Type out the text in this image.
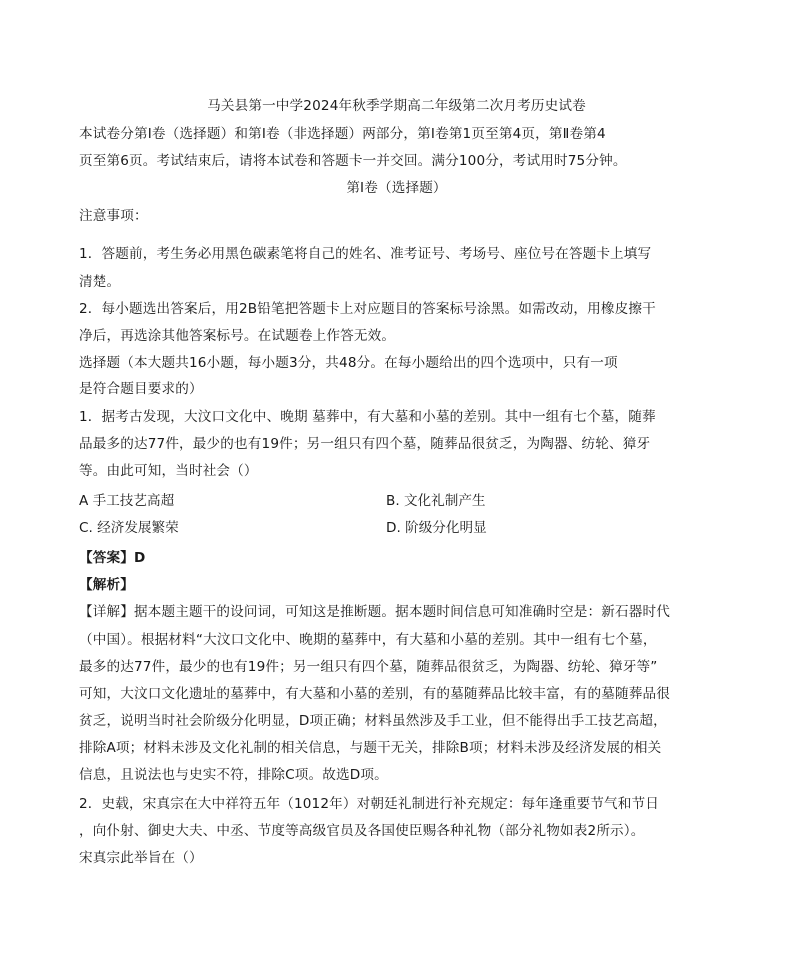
马关县第一中学2024年秋季学期高二年级第二次月考历史试卷
本试卷分第Ⅰ卷（选择题）和第Ⅰ卷（非选择题）两部分，第Ⅰ卷第1页至第4页，第Ⅱ卷第4
页至第6页。考试结束后，请将本试卷和答题卡一并交回。满分100分，考试用时75分钟。
第Ⅰ卷（选择题）
注意事项：
1．答题前，考生务必用黑色碳素笔将自己的姓名、准考证号、考场号、座位号在答题卡上填写
清楚。
2．每小题选出答案后，用2B铅笔把答题卡上对应题目的答案标号涂黑。如需改动，用橡皮擦干
净后，再选涂其他答案标号。在试题卷上作答无效。
选择题（本大题共16小题，每小题3分，共48分。在每小题给出的四个选项中，只有一项
是符合题目要求的）
1．据考古发现，大汶口文化中、晚期 墓葬中，有大墓和小墓的差别。其中一组有七个墓，随葬
品最多的达77件，最少的也有19件；另一组只有四个墓，随葬品很贫乏，为陶器、纺轮、獐牙
等。由此可知，当时社会（）
A 手工技艺高超	B. 文化礼制产生
C. 经济发展繁荣	D. 阶级分化明显
【答案】D
【解析】
【详解】据本题主题干的设问词，可知这是推断题。据本题时间信息可知准确时空是：新石器时代
（中国）。根据材料“大汶口文化中、晚期的墓葬中，有大墓和小墓的差别。其中一组有七个墓，
最多的达77件，最少的也有19件；另一组只有四个墓，随葬品很贫乏，为陶器、纺轮、獐牙等”
可知，大汶口文化遗址的墓葬中，有大墓和小墓的差别，有的墓随葬品比较丰富，有的墓随葬品很
贫乏，说明当时社会阶级分化明显，D项正确；材料虽然涉及手工业，但不能得出手工技艺高超，
排除A项；材料未涉及文化礼制的相关信息，与题干无关，排除B项；材料未涉及经济发展的相关
信息，且说法也与史实不符，排除C项。故选D项。
2．史载，宋真宗在大中祥符五年（1012年）对朝廷礼制进行补充规定：每年逢重要节气和节日
，向仆射、御史大夫、中丞、节度等高级官员及各国使臣赐各种礼物（部分礼物如表2所示）。
宋真宗此举旨在（）
